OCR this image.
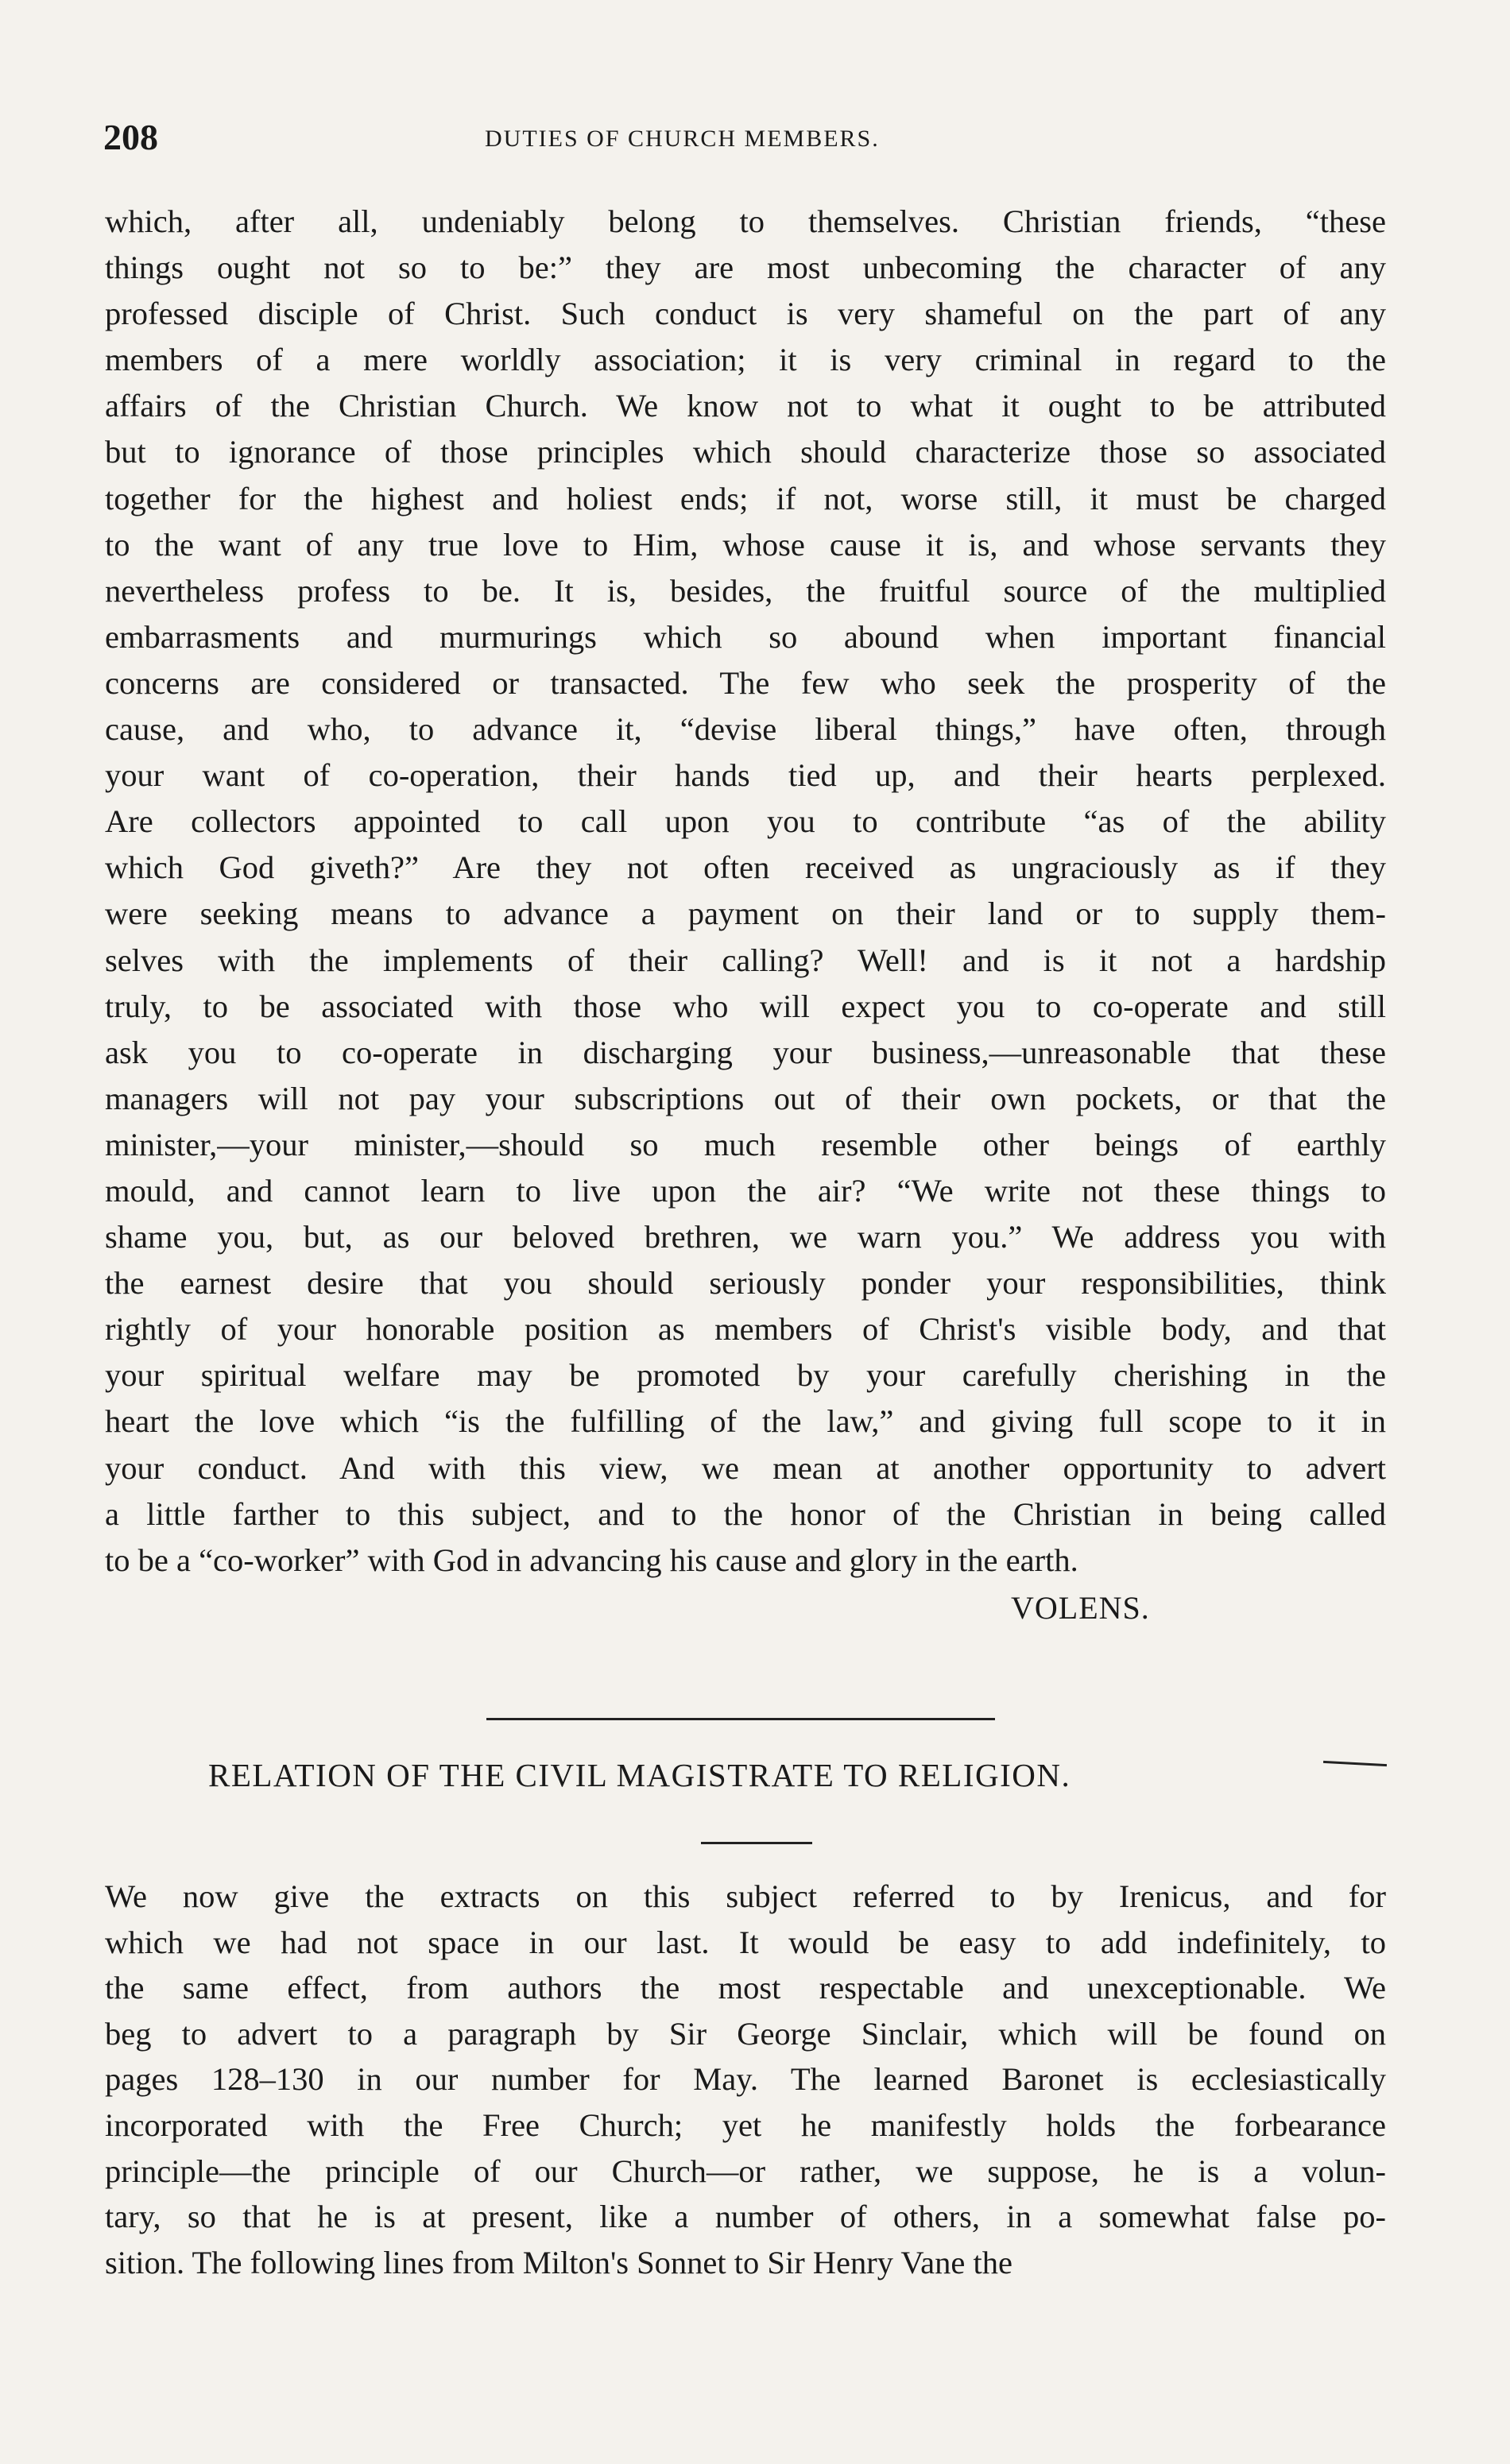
208	DUTIES OF CHURCH MEMBERS.
which, after all, undeniably belong to themselves. Christian friends, “these
things ought not so to be:” they are most unbecoming the character of any
professed disciple of Christ. Such conduct is very shameful on the part of any
members of a mere worldly association; it is very criminal in regard to the
affairs of the Christian Church. We know not to what it ought to be attributed
but to ignorance of those principles which should characterize those so associated
together for the highest and holiest ends; if not, worse still, it must be charged
to the want of any true love to Him, whose cause it is, and whose servants they
nevertheless profess to be. It is, besides, the fruitful source of the multiplied
embarrasments and murmurings which so abound when important financial
concerns are considered or transacted. The few who seek the prosperity of the
cause, and who, to advance it, “devise liberal things,” have often, through
your want of co-operation, their hands tied up, and their hearts perplexed.
Are collectors appointed to call upon you to contribute “as of the ability
which God giveth?” Are they not often received as ungraciously as if they
were seeking means to advance a payment on their land or to supply them-
selves with the implements of their calling? Well! and is it not a hardship
truly, to be associated with those who will expect you to co-operate and still
ask you to co-operate in discharging your business,—unreasonable that these
managers will not pay your subscriptions out of their own pockets, or that the
minister,—your minister,—should so much resemble other beings of earthly
mould, and cannot learn to live upon the air? “We write not these things to
shame you, but, as our beloved brethren, we warn you.” We address you with
the earnest desire that you should seriously ponder your responsibilities, think
rightly of your honorable position as members of Christ's visible body, and that
your spiritual welfare may be promoted by your carefully cherishing in the
heart the love which “is the fulfilling of the law,” and giving full scope to it in
your conduct. And with this view, we mean at another opportunity to advert
a little farther to this subject, and to the honor of the Christian in being called
to be a “co-worker” with God in advancing his cause and glory in the earth.
VOLENS.
RELATION OF THE CIVIL MAGISTRATE TO RELIGION.
We now give the extracts on this subject referred to by Irenicus, and for
which we had not space in our last. It would be easy to add indefinitely, to
the same effect, from authors the most respectable and unexceptionable. We
beg to advert to a paragraph by Sir George Sinclair, which will be found on
pages 128–130 in our number for May. The learned Baronet is ecclesiastically
incorporated with the Free Church; yet he manifestly holds the forbearance
principle—the principle of our Church—or rather, we suppose, he is a volun-
tary, so that he is at present, like a number of others, in a somewhat false po-
sition. The following lines from Milton's Sonnet to Sir Henry Vane the
